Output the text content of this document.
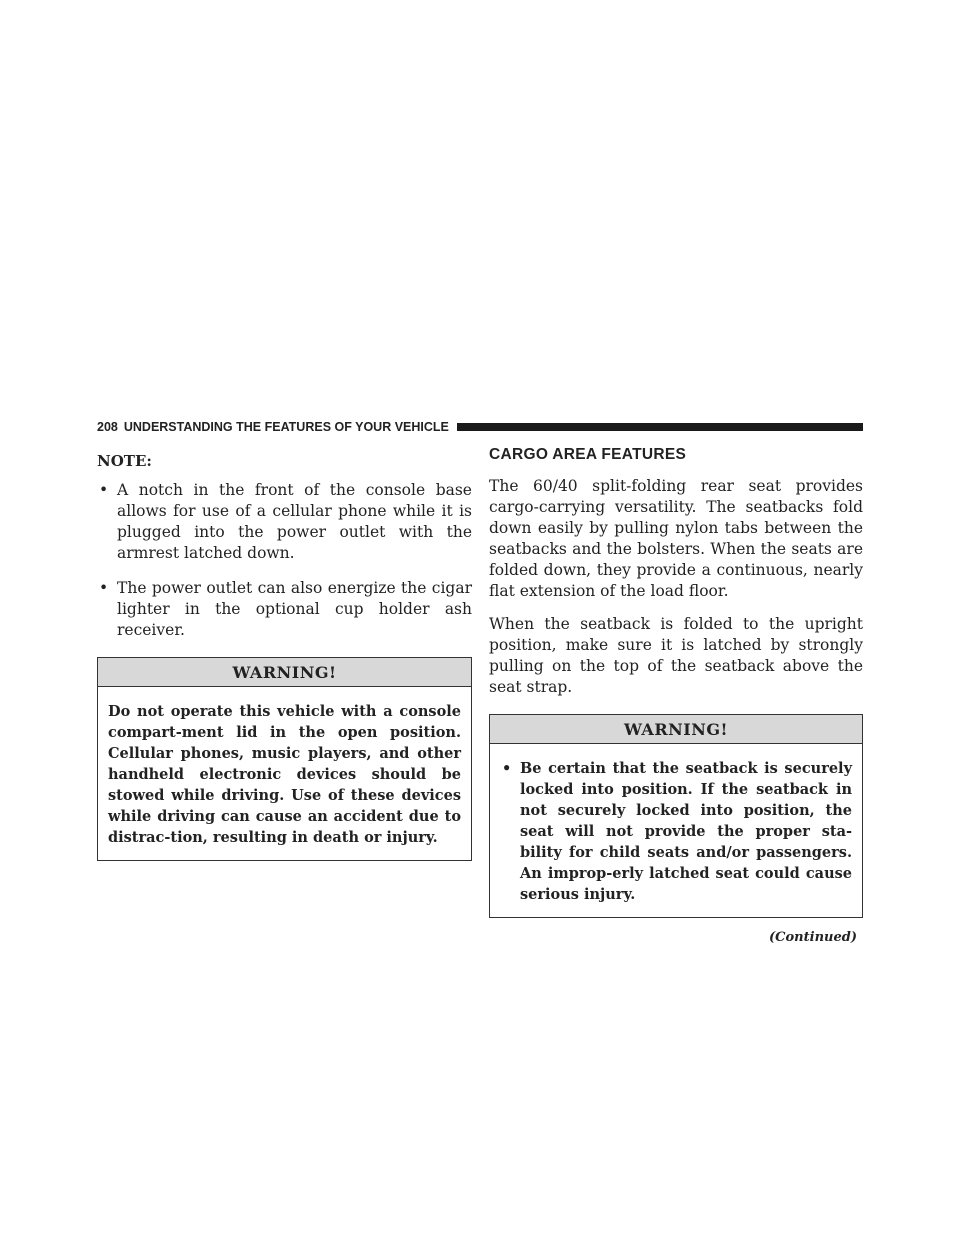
208 UNDERSTANDING THE FEATURES OF YOUR VEHICLE
NOTE:
• A notch in the front of the console base allows for use of a cellular phone while it is plugged into the power outlet with the armrest latched down.
• The power outlet can also energize the cigar lighter in the optional cup holder ash receiver.
WARNING!
Do not operate this vehicle with a console compart-ment lid in the open position. Cellular phones, music players, and other handheld electronic devices should be stowed while driving. Use of these devices while driving can cause an accident due to distrac-tion, resulting in death or injury.
CARGO AREA FEATURES

The 60/40 split-folding rear seat provides cargo-carrying versatility. The seatbacks fold down easily by pulling nylon tabs between the seatbacks and the bolsters. When the seats are folded down, they provide a continuous, nearly flat extension of the load floor.

When the seatback is folded to the upright position, make sure it is latched by strongly pulling on the top of the seatback above the seat strap.

WARNING!
• Be certain that the seatback is securely locked into position. If the seatback in not securely locked into position, the seat will not provide the proper sta-bility for child seats and/or passengers. An improp-erly latched seat could cause serious injury.
(Continued)
